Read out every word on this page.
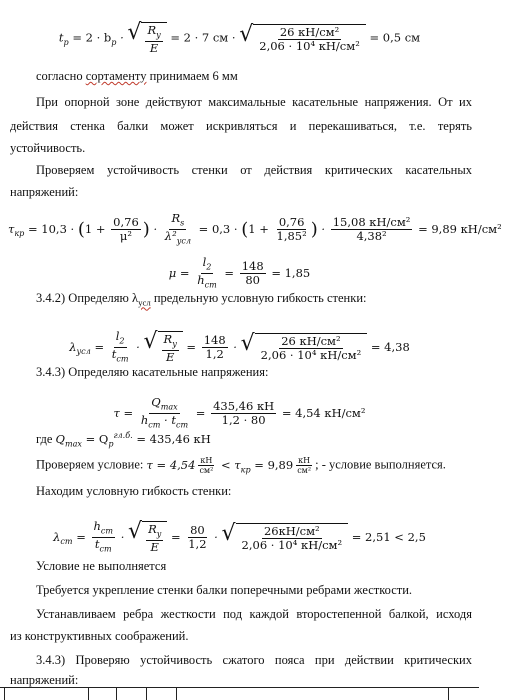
$t_p = 2 \cdot b_p$ · √ $\frac{R_y}{E} = 2 \cdot 7$ см · √ $\frac{\text{26 кН/см²}}{\text{2,06 · 10⁴ кН/см²}} = 0,5$ см
согласно сортаменту принимаем 6 мм
При опорной зоне действуют максимальные касательные напряжения. От их
действия стенка балки может искривляться и перекашиваться, т.е. терять
устойчивость.
Проверяем устойчивость стенки от действия критических касательных
напряжений:
$\tau_{кр} = 10,3 \cdot (1 + \frac{0,76}{\text{μ²}}$ ) · $\frac{R_s}{\lambda^2_{усл}} = 0,3 \cdot (1 + \frac{0,76}{\text{1,85²}}$ ) · $\frac{\text{15,08 кН/см²}}{\text{4,38²}} = 9,89$ кН/см²
$\mu = \frac{l_2}{h_{ст}} = \frac{148}{80} = 1,85$
3.4.2) Определяю $\lambda_{усл}$ предельную условную гибкость стенки:
$\lambda_{усл} = \frac{l_2}{t_{ст}}$ · √ $\frac{R_y}{E} = \frac{148}{1,2}$ · √ $\frac{\text{26 кН/см²}}{\text{2,06 · 10⁴ кН/см²}} = 4,38$
3.4.3) Определяю касательные напряжения:
$\tau = \frac{Q_{max}}{h_{ст} \cdot t_{ст}} = \frac{435,46 кН}{1,2 \cdot 80} = 4,54$ кН/см²
где $Q_{max} = Q_р^{гл.б.} = 435,46$ кН
Проверяем условие: $\tau = 4,54 \frac{кН}{\text{см²}} < \tau_{кр} = 9,89 \frac{кН}{\text{см²}}$ ; - условие выполняется.
Находим условную гибкость стенки:
$\lambda_{ст} = \frac{h_{ст}}{t_{ст}}$ · √ $\frac{R_y}{E} = \frac{80}{1,2}$ · √ $\frac{\text{26кН/см²}}{\text{2,06 · 10⁴ кН/см²}} = 2,51 < 2,5$
Условие не выполняется
Требуется укрепление стенки балки поперечными ребрами жесткости.
Устанавливаем ребра жесткости под каждой второстепенной балкой, исходя
из конструктивных соображений.
3.4.3) Проверяю устойчивость сжатого пояса при действии критических
напряжений:
